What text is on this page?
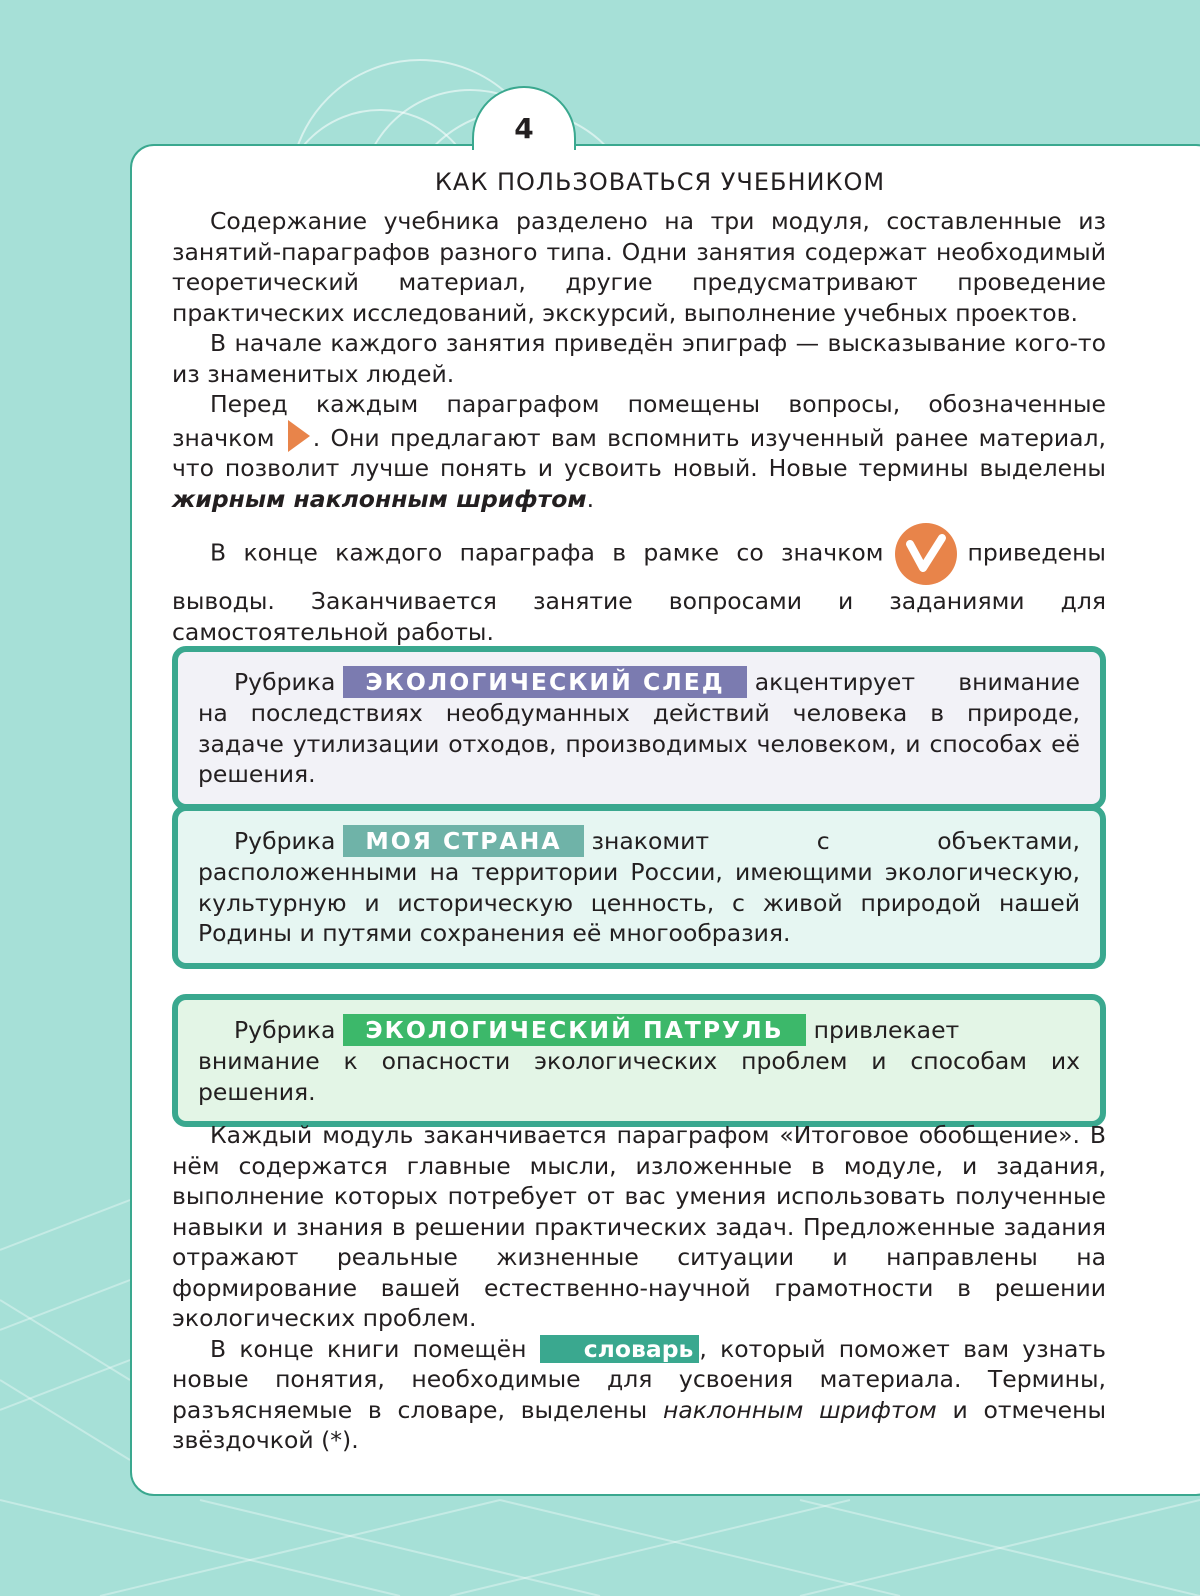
4
КАК ПОЛЬЗОВАТЬСЯ УЧЕБНИКОМ

Содержание учебника разделено на три модуля, составленные из занятий-параграфов разного типа. Одни занятия содержат необходимый теоретический материал, другие предусматривают проведение практических исследований, экскурсий, выполнение учебных проектов.

В начале каждого занятия приведён эпиграф — высказывание кого-то из знаменитых людей.

Перед каждым параграфом помещены вопросы, обозначенные значком . Они предлагают вам вспомнить изученный ранее материал, что позволит лучше понять и усвоить новый. Новые термины выделены жирным наклонным шрифтом.

В конце каждого параграфа в рамке со значком	приведены выводы. Заканчивается занятие вопросами и заданиями для самостоятельной работы.

Рубрика ЭКОЛОГИЧЕСКИЙ СЛЕД акцентирует внимание на последствиях необдуманных действий человека в природе, задаче утилизации отходов, производимых человеком, и способах её решения.

Рубрика МОЯ СТРАНА знакомит с объектами, расположенными на территории России, имеющими экологическую, культурную и историческую ценность, с живой природой нашей Родины и путями сохранения её многообразия.

Рубрика ЭКОЛОГИЧЕСКИЙ ПАТРУЛЬ привлекает внимание к опасности экологических проблем и способам их решения.

Каждый модуль заканчивается параграфом «Итоговое обобщение». В нём содержатся главные мысли, изложенные в модуле, и задания, выполнение которых потребует от вас умения использовать полученные навыки и знания в решении практических задач. Предложенные задания отражают реальные жизненные ситуации и направлены на формирование вашей естественно-научной грамотности в решении экологических проблем.

В конце книги помещён словарь , который поможет вам узнать новые понятия, необходимые для усвоения материала. Термины, разъясняемые в словаре, выделены наклонным шрифтом и отмечены звёздочкой (*).
